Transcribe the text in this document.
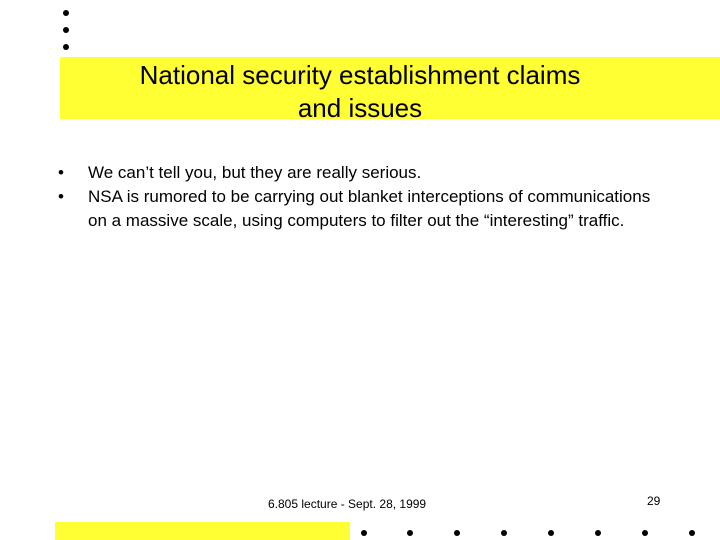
National security establishment claims
and issues
• We can’t tell you, but they are really serious.
• NSA is rumored to be carrying out blanket interceptions of communications on a massive scale, using computers to filter out the “interesting” traffic.
6.805 lecture - Sept. 28, 1999	29
